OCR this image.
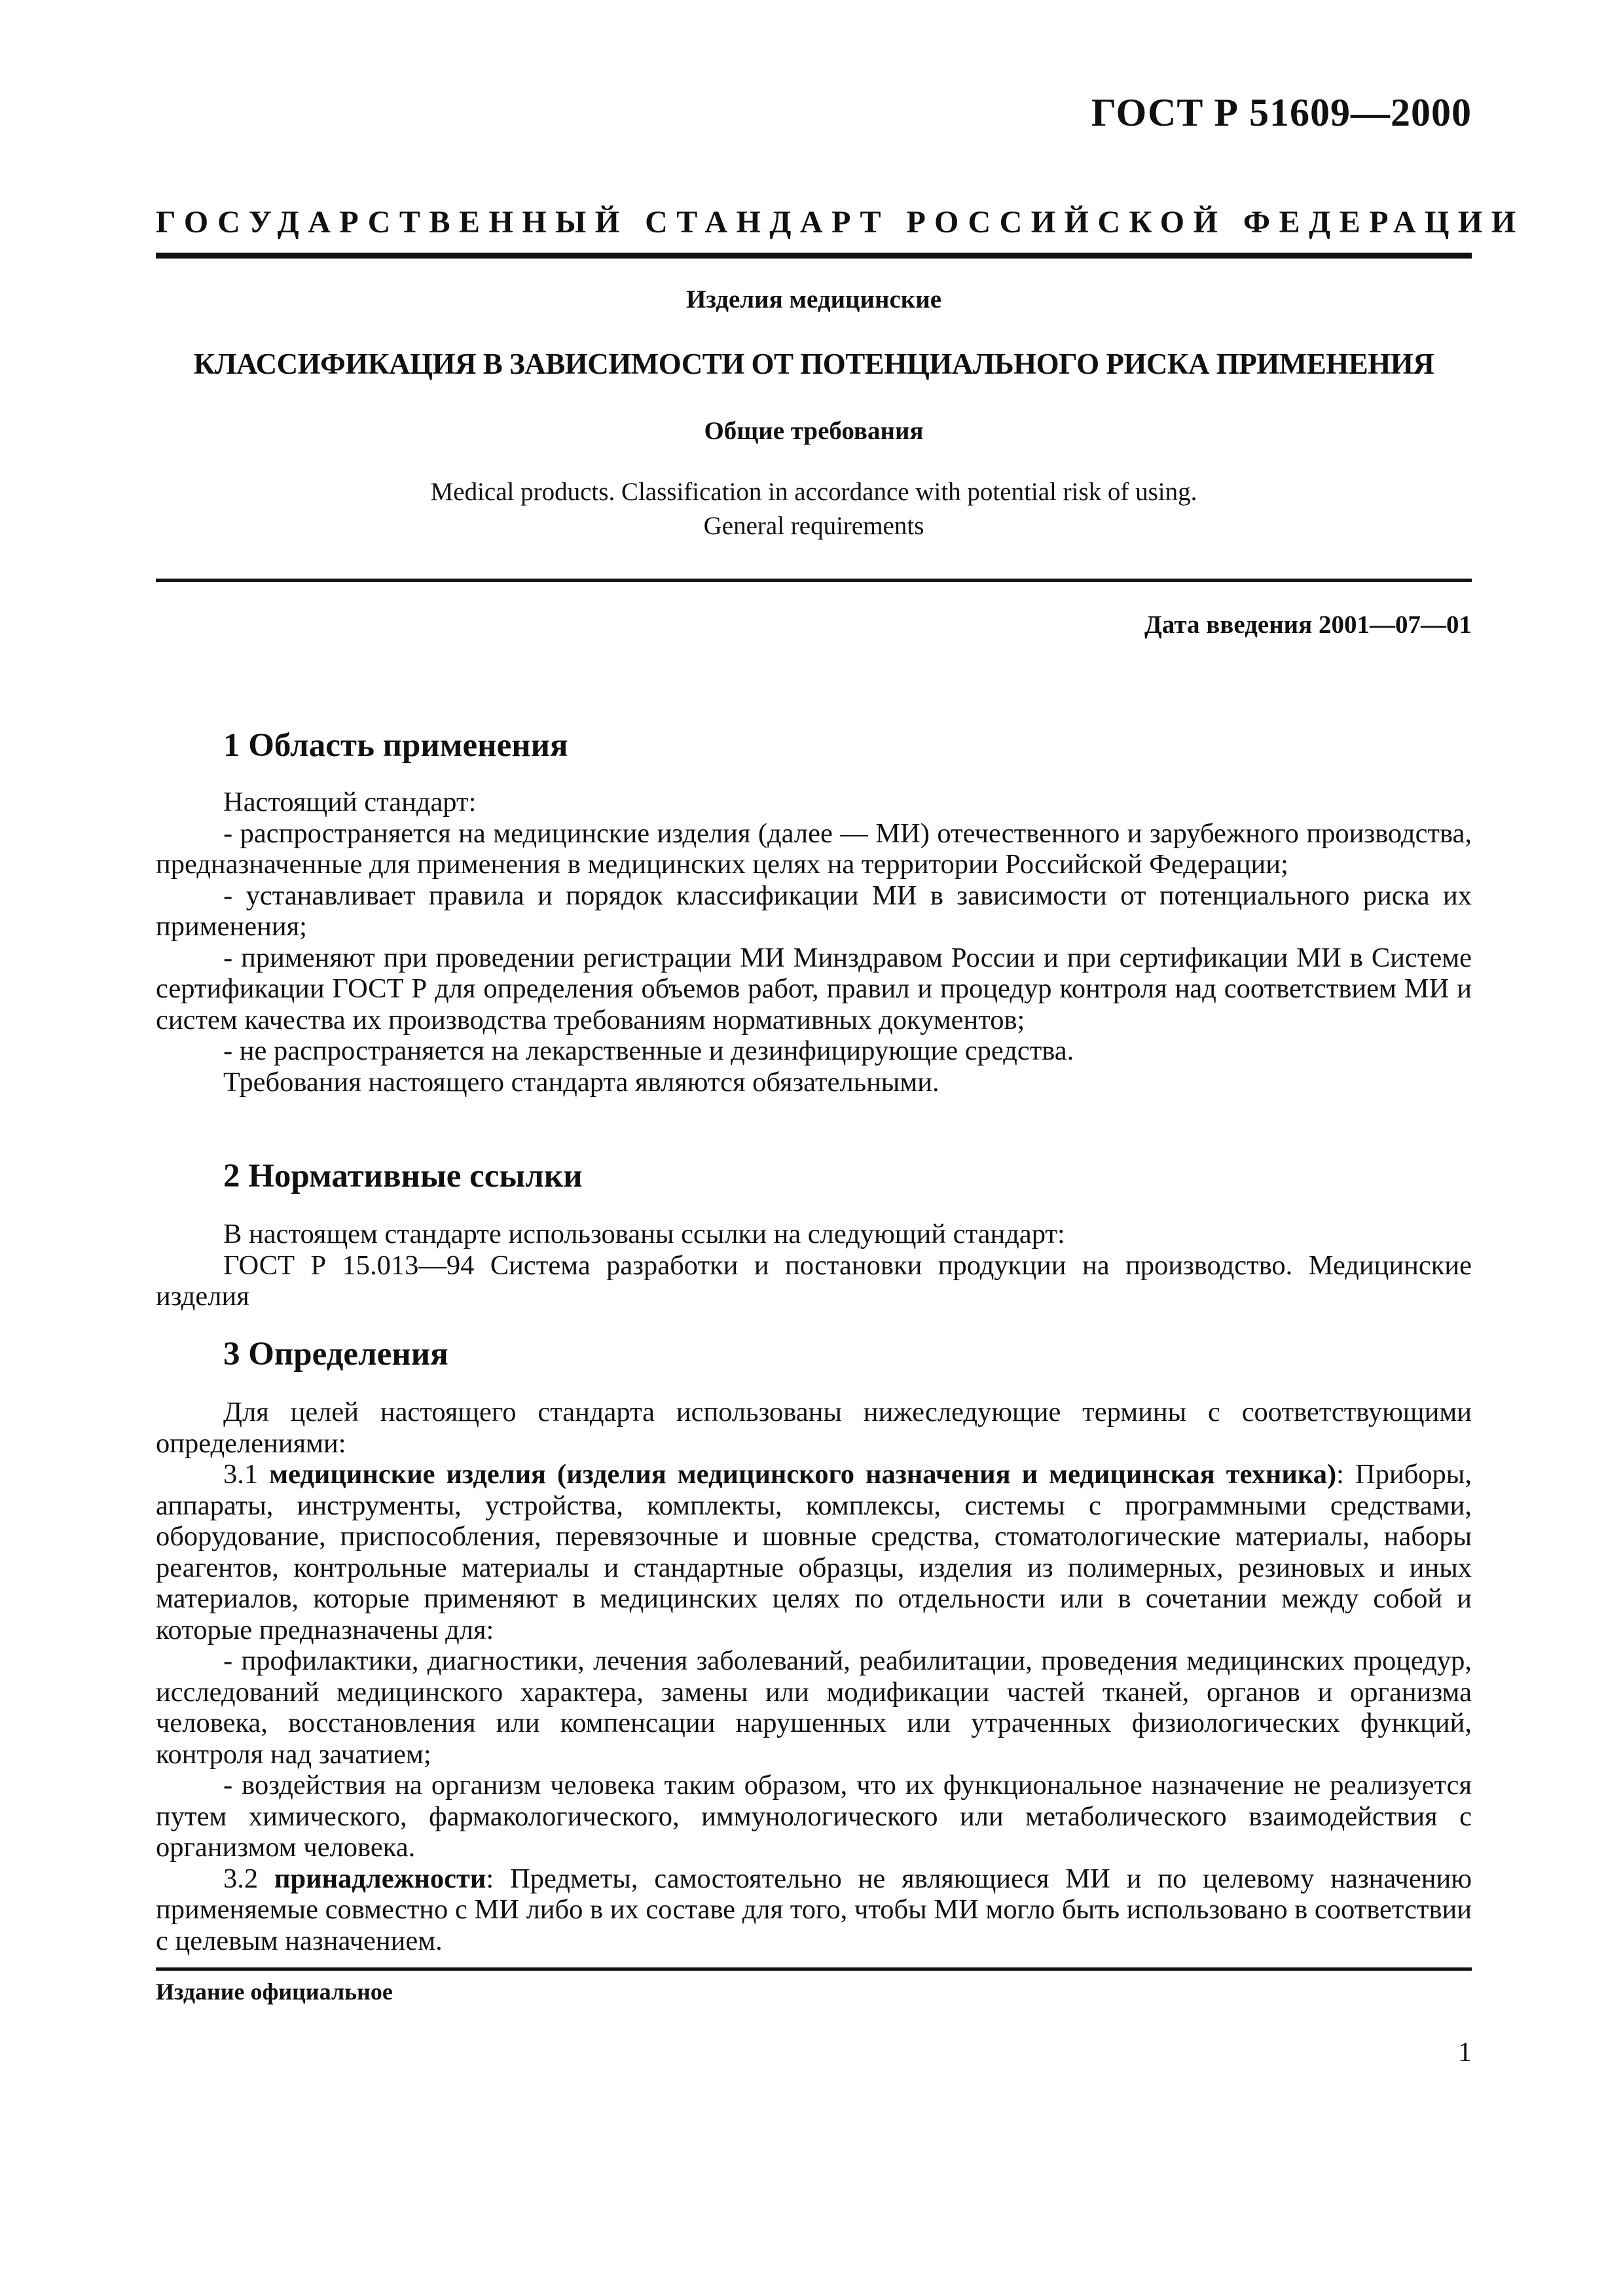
ГОСТ Р 51609—2000
ГОСУДАРСТВЕННЫЙ СТАНДАРТ РОССИЙСКОЙ ФЕДЕРАЦИИ
Изделия медицинские
КЛАССИФИКАЦИЯ В ЗАВИСИМОСТИ ОТ ПОТЕНЦИАЛЬНОГО РИСКА ПРИМЕНЕНИЯ
Общие требования
Medical products. Classification in accordance with potential risk of using.
General requirements
Дата введения 2001—07—01
1 Область применения

Настоящий стандарт:

- распространяется на медицинские изделия (далее — МИ) отечественного и зарубежного производства, предназначенные для применения в медицинских целях на территории Российской Федерации;

- устанавливает правила и порядок классификации МИ в зависимости от потенциального риска их применения;

- применяют при проведении регистрации МИ Минздравом России и при сертификации МИ в Системе сертификации ГОСТ Р для определения объемов работ, правил и процедур контроля над соответствием МИ и систем качества их производства требованиям нормативных документов;

- не распространяется на лекарственные и дезинфицирующие средства.

Требования настоящего стандарта являются обязательными.

2 Нормативные ссылки

В настоящем стандарте использованы ссылки на следующий стандарт:

ГОСТ Р 15.013—94 Система разработки и постановки продукции на производство. Медицинские изделия

3 Определения

Для целей настоящего стандарта использованы нижеследующие термины с соответствующими определениями:

3.1 медицинские изделия (изделия медицинского назначения и медицинская техника): Приборы, аппараты, инструменты, устройства, комплекты, комплексы, системы с программными средствами, оборудование, приспособления, перевязочные и шовные средства, стоматологические материалы, наборы реагентов, контрольные материалы и стандартные образцы, изделия из полимерных, резиновых и иных материалов, которые применяют в медицинских целях по отдельности или в сочетании между собой и которые предназначены для:

- профилактики, диагностики, лечения заболеваний, реабилитации, проведения медицинских процедур, исследований медицинского характера, замены или модификации частей тканей, органов и организма человека, восстановления или компенсации нарушенных или утраченных физиологических функций, контроля над зачатием;

- воздействия на организм человека таким образом, что их функциональное назначение не реализуется путем химического, фармакологического, иммунологического или метаболического взаимодействия с организмом человека.

3.2 принадлежности: Предметы, самостоятельно не являющиеся МИ и по целевому назначению применяемые совместно с МИ либо в их составе для того, чтобы МИ могло быть использовано в соответствии с целевым назначением.

Издание официальное
1
